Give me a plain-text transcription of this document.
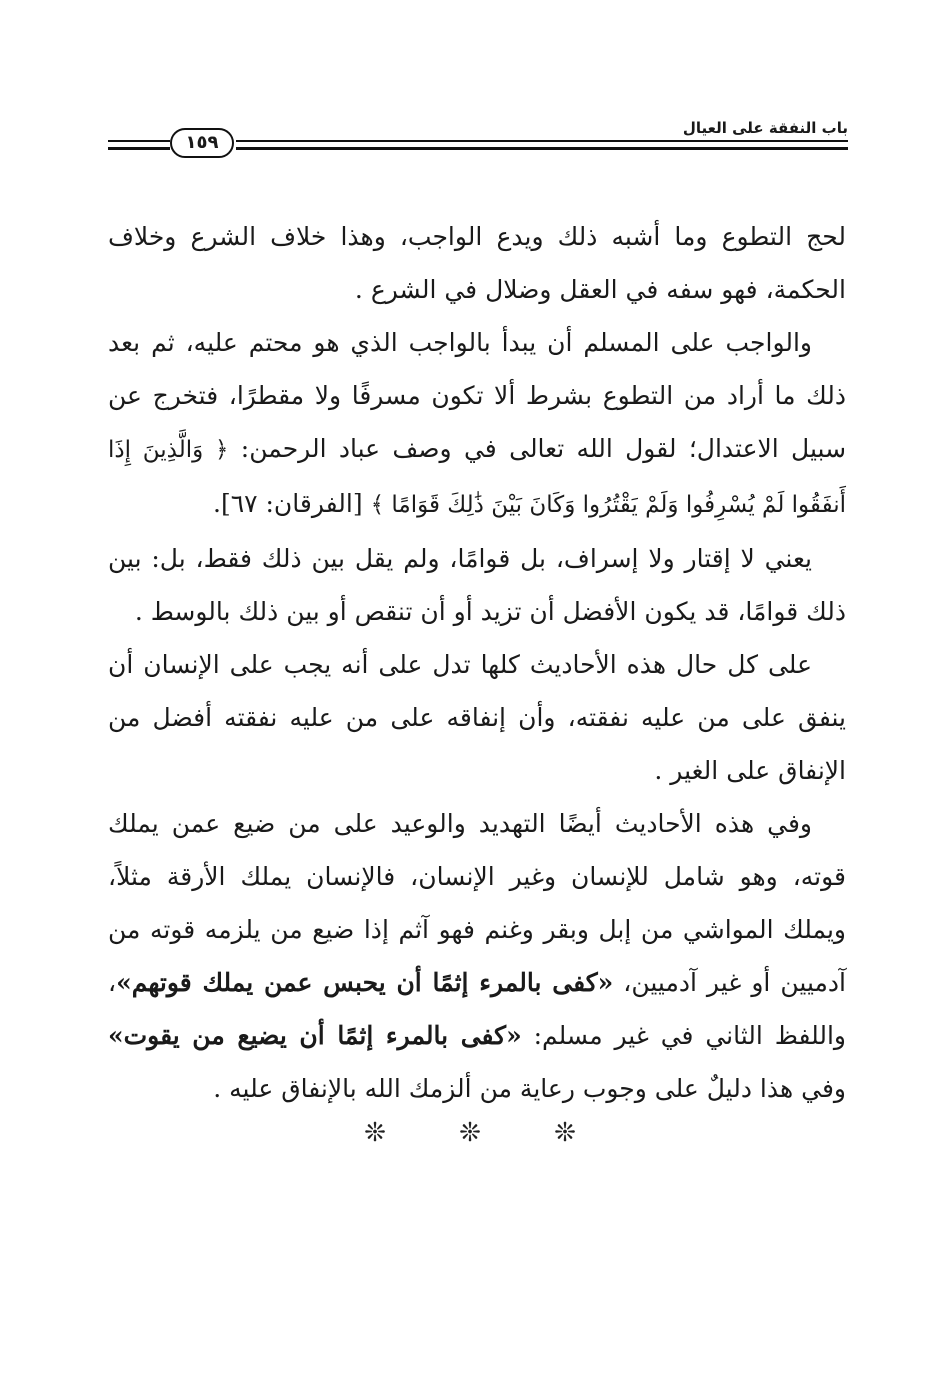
باب النفقة على العيال
١٥٩

لحج التطوع وما أشبه ذلك ويدع الواجب، وهذا خلاف الشرع وخلاف الحكمة، فهو سفه في العقل وضلال في الشرع .

والواجب على المسلم أن يبدأ بالواجب الذي هو محتم عليه، ثم بعد ذلك ما أراد من التطوع بشرط ألا تكون مسرفًا ولا مقطرًا، فتخرج عن سبيل الاعتدال؛ لقول الله تعالى في وصف عباد الرحمن: ﴿ وَالَّذِينَ إِذَا أَنفَقُوا لَمْ يُسْرِفُوا وَلَمْ يَقْتُرُوا وَكَانَ بَيْنَ ذَٰلِكَ قَوَامًا ﴾ [الفرقان: ٦٧].

يعني لا إقتار ولا إسراف، بل قوامًا، ولم يقل بين ذلك فقط، بل: بين ذلك قوامًا، قد يكون الأفضل أن تزيد أو أن تنقص أو بين ذلك بالوسط .

على كل حال هذه الأحاديث كلها تدل على أنه يجب على الإنسان أن ينفق على من عليه نفقته، وأن إنفاقه على من عليه نفقته أفضل من الإنفاق على الغير .

وفي هذه الأحاديث أيضًا التهديد والوعيد على من ضيع عمن يملك قوته، وهو شامل للإنسان وغير الإنسان، فالإنسان يملك الأرقة مثلاً، ويملك المواشي من إبل وبقر وغنم فهو آثم إذا ضيع من يلزمه قوته من آدميين أو غير آدميين، «كفى بالمرء إثمًا أن يحبس عمن يملك قوتهم»، واللفظ الثاني في غير مسلم: «كفى بالمرء إثمًا أن يضيع من يقوت» وفي هذا دليلٌ على وجوب رعاية من ألزمك الله بالإنفاق عليه .

❊
❊
❊
